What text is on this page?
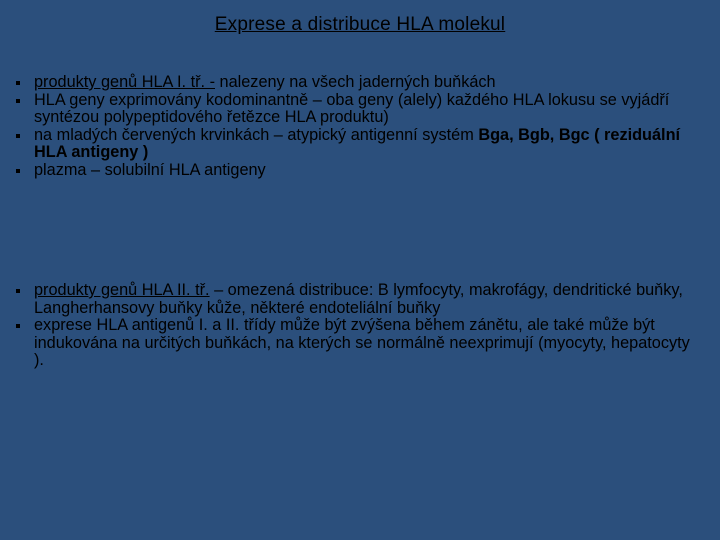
Exprese a distribuce HLA molekul
produkty genů HLA I. tř. - nalezeny na všech jaderných buňkách
HLA geny exprimovány kodominantně – oba geny (alely) každého HLA lokusu se vyjádří syntézou polypeptidového řetězce HLA produktu)
na mladých červených krvinkách – atypický antigenní systém Bga, Bgb, Bgc ( reziduální HLA antigeny )
plazma – solubilní HLA antigeny
produkty genů HLA II. tř. – omezená distribuce: B lymfocyty, makrofágy, dendritické buňky, Langherhansovy buňky kůže, některé endoteliální buňky
exprese HLA antigenů I. a II. třídy může být zvýšena během zánětu, ale také může být indukována na určitých buňkách, na kterých se normálně neexprimují (myocyty, hepatocyty ).
